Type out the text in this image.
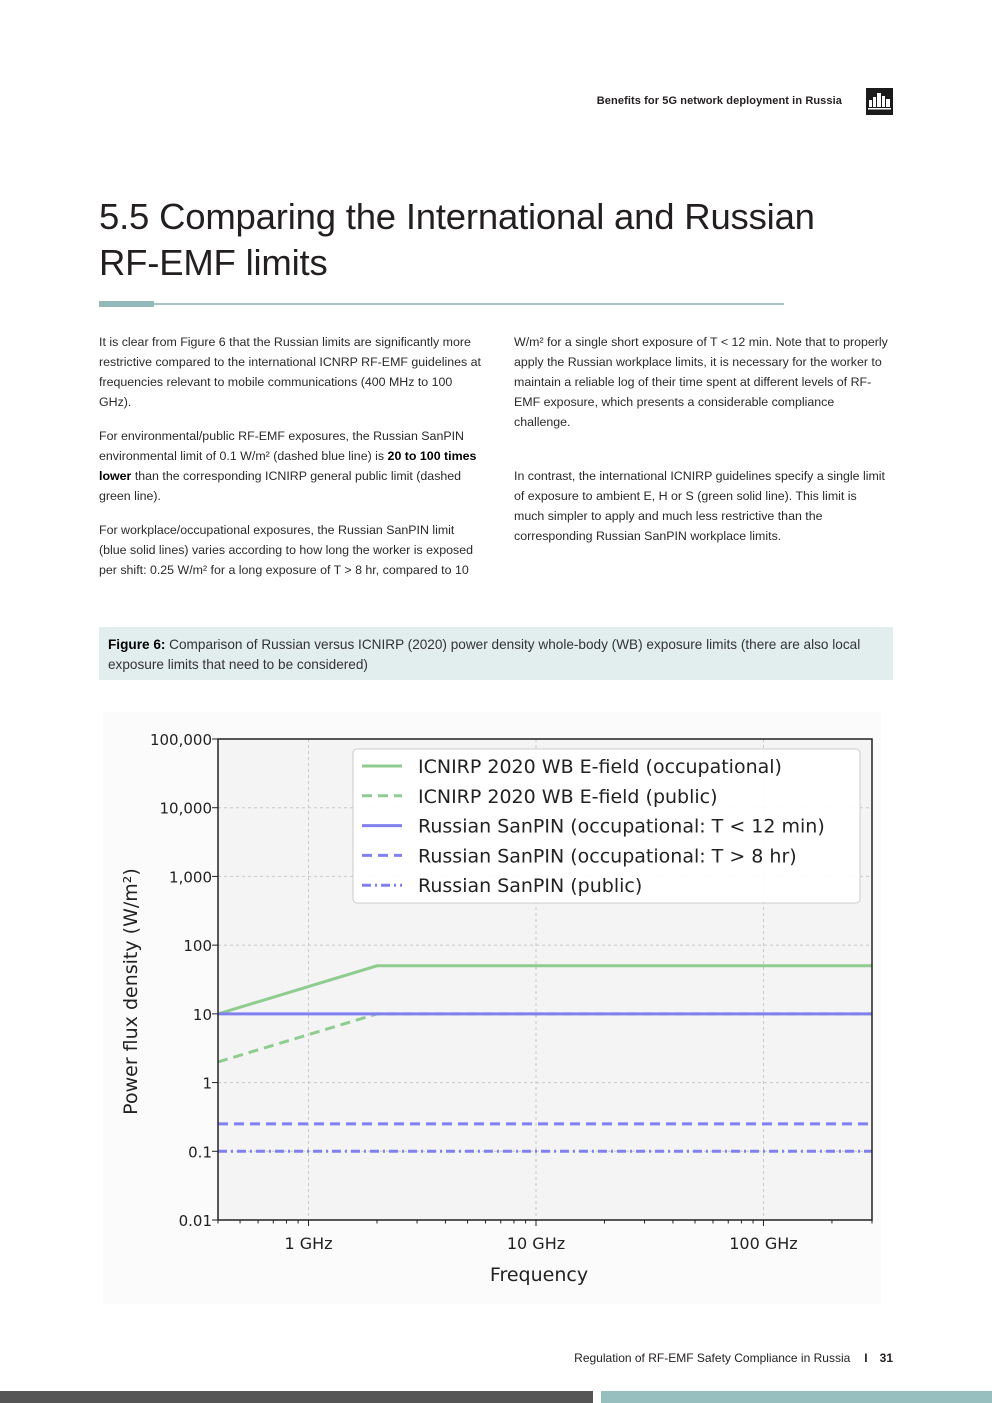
Benefits for 5G network deployment in Russia
5.5 Comparing the International and Russian
RF-EMF limits

It is clear from Figure 6 that the Russian limits are significantly more restrictive compared to the international ICNRP RF-EMF guidelines at frequencies relevant to mobile communications (400 MHz to 100 GHz).

For environmental/public RF-EMF exposures, the Russian SanPIN environmental limit of 0.1 W/m² (dashed blue line) is 20 to 100 times lower than the corresponding ICNIRP general public limit (dashed green line).

For workplace/occupational exposures, the Russian SanPIN limit (blue solid lines) varies according to how long the worker is exposed per shift: 0.25 W/m² for a long exposure of T > 8 hr, compared to 10

W/m² for a single short exposure of T < 12 min. Note that to properly apply the Russian workplace limits, it is necessary for the worker to maintain a reliable log of their time spent at different levels of RF-EMF exposure, which presents a considerable compliance challenge.

In contrast, the international ICNIRP guidelines specify a single limit of exposure to ambient E, H or S (green solid line). This limit is much simpler to apply and much less restrictive than the corresponding Russian SanPIN workplace limits.

Figure 6: Comparison of Russian versus ICNIRP (2020) power density whole-body (WB) exposure limits (there are also local exposure limits that need to be considered)
1 GHz	10 GHz	100 GHz
0.01
0.1
1
10
100
1,000
10,000
100,000
Frequency
Power flux density (W/m²)
ICNIRP 2020 WB E-field (occupational)
ICNIRP 2020 WB E-field (public)
Russian SanPIN (occupational: T < 12 min)
Russian SanPIN (occupational: T > 8 hr)
Russian SanPIN (public)
Regulation of RF-EMF Safety Compliance in Russia I 31
